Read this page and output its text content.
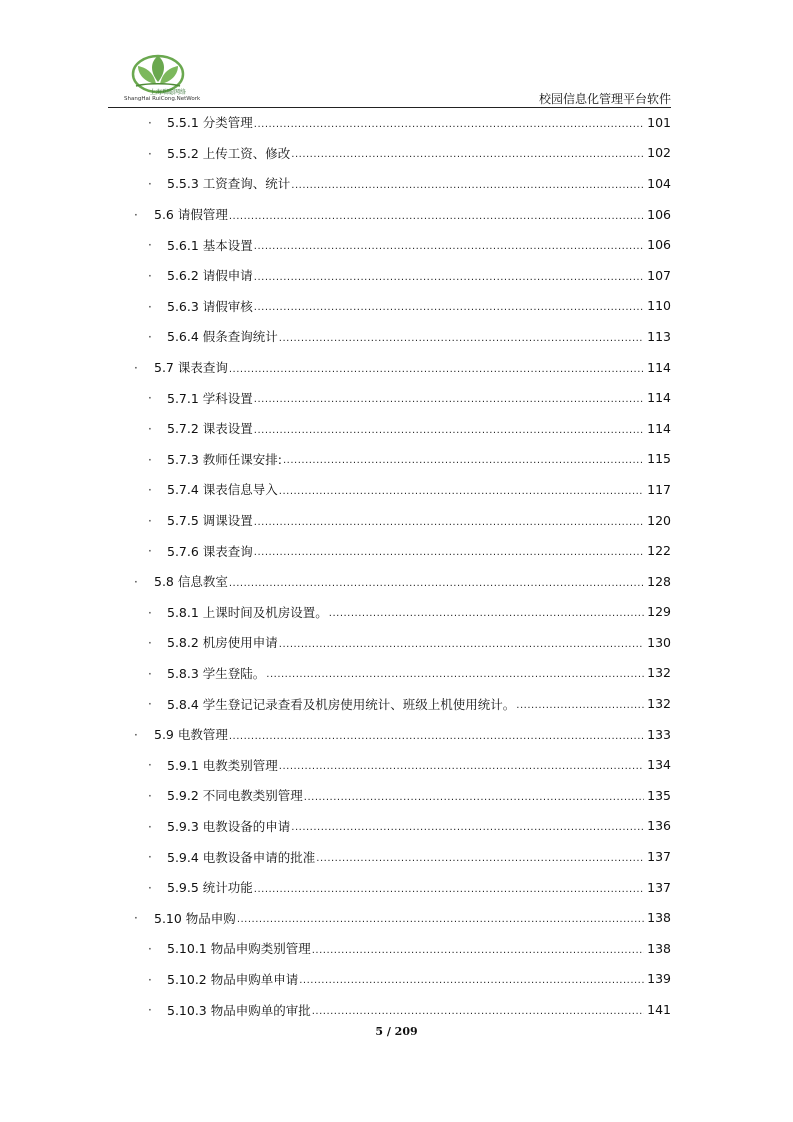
上海瑞聪网络
ShangHai RuiCong.NetWork	校园信息化管理平台软件
· 5.5.1 分类管理 .....	101
· 5.5.2 上传工资、修改 .....	102
· 5.5.3 工资查询、统计 .....	104
· 5.6 请假管理 .....	106
· 5.6.1 基本设置 .....	106
· 5.6.2 请假申请 .....	107
· 5.6.3 请假审核 .....	110
· 5.6.4 假条查询统计 .....	113
· 5.7 课表查询 .....	114
· 5.7.1 学科设置 .....	114
· 5.7.2 课表设置 .....	114
· 5.7.3 教师任课安排: .....	115
· 5.7.4 课表信息导入 .....	117
· 5.7.5 调课设置 .....	120
· 5.7.6 课表查询 .....	122
· 5.8 信息教室 .....	128
· 5.8.1 上课时间及机房设置。 .....	129
· 5.8.2 机房使用申请 .....	130
· 5.8.3 学生登陆。 .....	132
· 5.8.4 学生登记记录查看及机房使用统计、班级上机使用统计。 .....	132
· 5.9 电教管理 .....	133
· 5.9.1 电教类别管理 .....	134
· 5.9.2 不同电教类别管理 .....	135
· 5.9.3 电教设备的申请 .....	136
· 5.9.4 电教设备申请的批准 .....	137
· 5.9.5 统计功能 .....	137
· 5.10 物品申购 .....	138
· 5.10.1 物品申购类别管理 .....	138
· 5.10.2 物品申购单申请 .....	139
· 5.10.3 物品申购单的审批 .....	141
5 / 209
